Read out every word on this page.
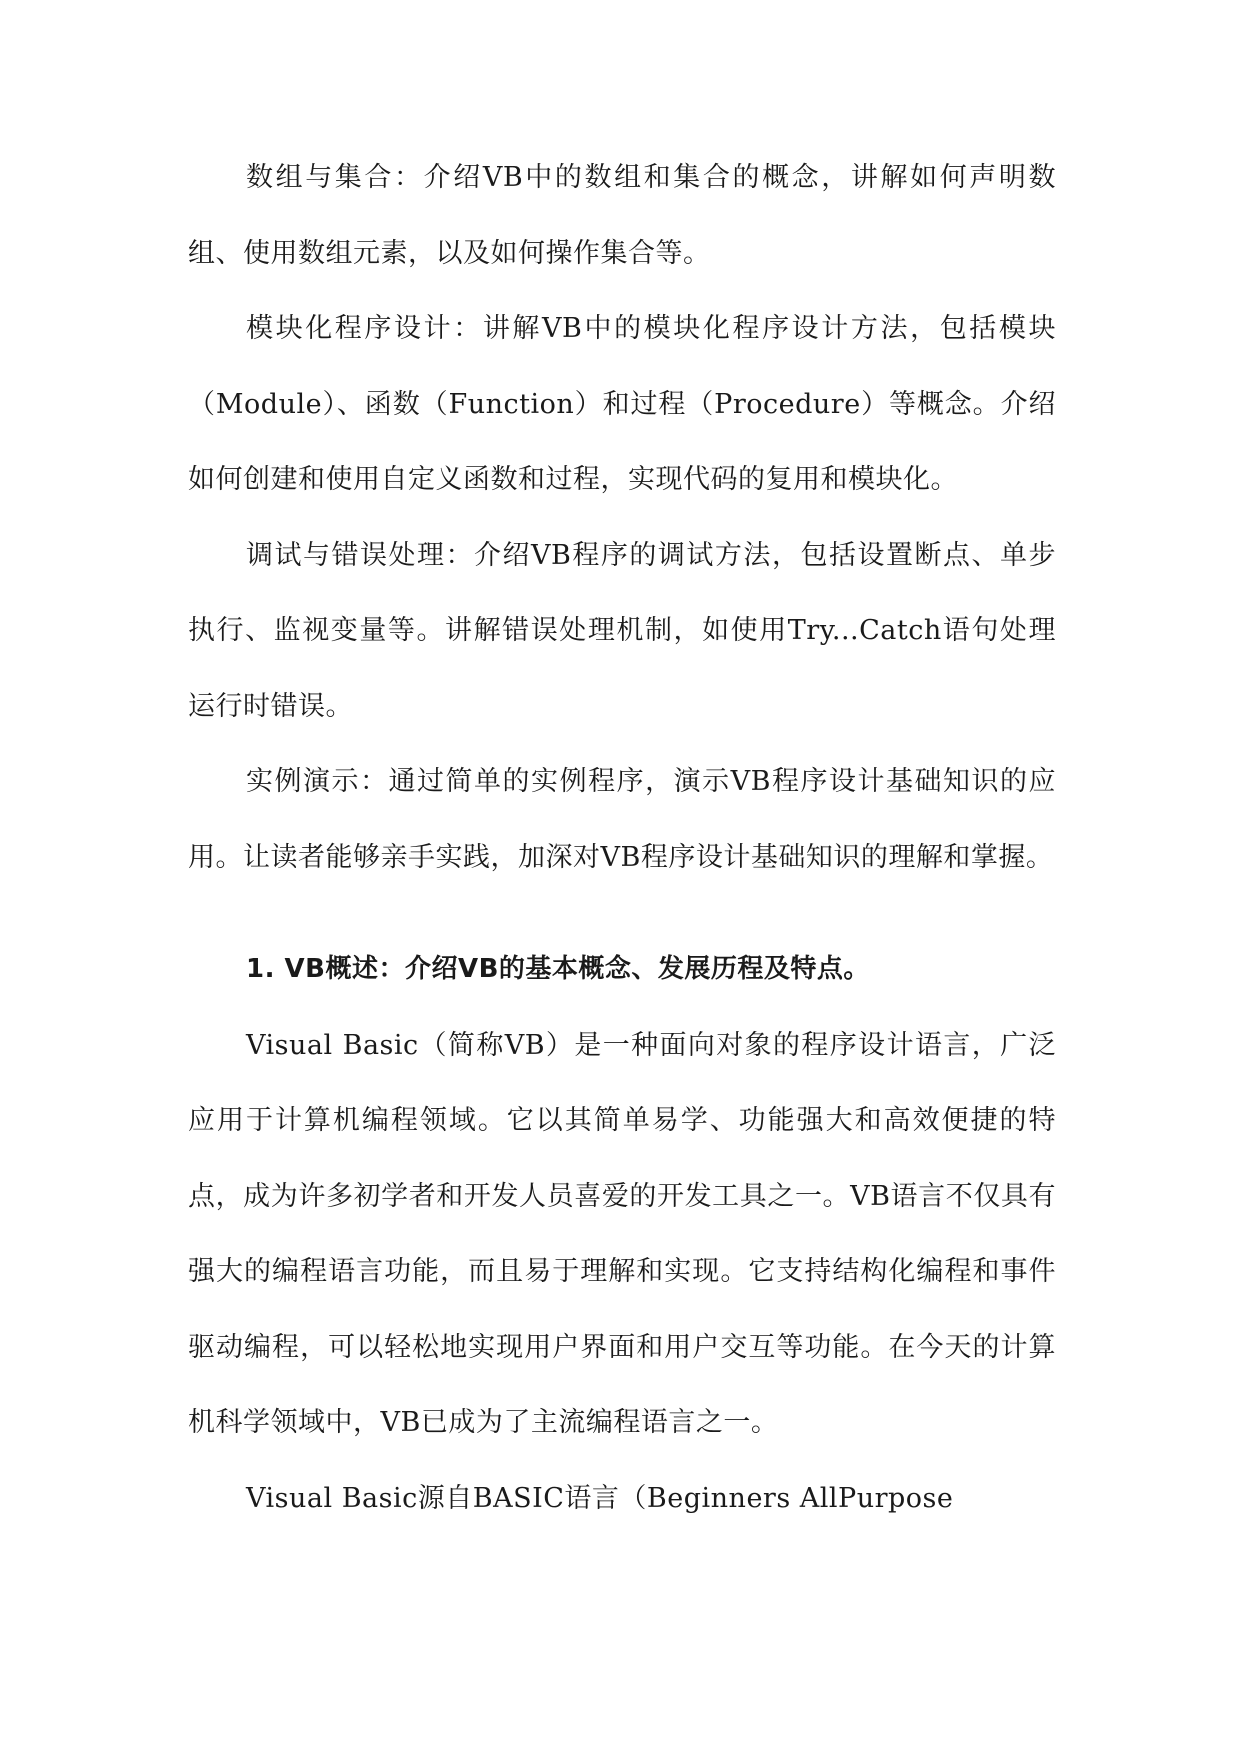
数组与集合：介绍VB中的数组和集合的概念，讲解如何声明数组、使用数组元素，以及如何操作集合等。

模块化程序设计：讲解VB中的模块化程序设计方法，包括模块（Module）、函数（Function）和过程（Procedure）等概念。介绍如何创建和使用自定义函数和过程，实现代码的复用和模块化。

调试与错误处理：介绍VB程序的调试方法，包括设置断点、单步执行、监视变量等。讲解错误处理机制，如使用Try...Catch语句处理运行时错误。

实例演示：通过简单的实例程序，演示VB程序设计基础知识的应用。让读者能够亲手实践，加深对VB程序设计基础知识的理解和掌握。

1. VB概述：介绍VB的基本概念、发展历程及特点。

Visual Basic（简称VB）是一种面向对象的程序设计语言，广泛应用于计算机编程领域。它以其简单易学、功能强大和高效便捷的特点，成为许多初学者和开发人员喜爱的开发工具之一。VB语言不仅具有强大的编程语言功能，而且易于理解和实现。它支持结构化编程和事件驱动编程，可以轻松地实现用户界面和用户交互等功能。在今天的计算机科学领域中，VB已成为了主流编程语言之一。

Visual Basic源自BASIC语言（Beginners AllPurpose
